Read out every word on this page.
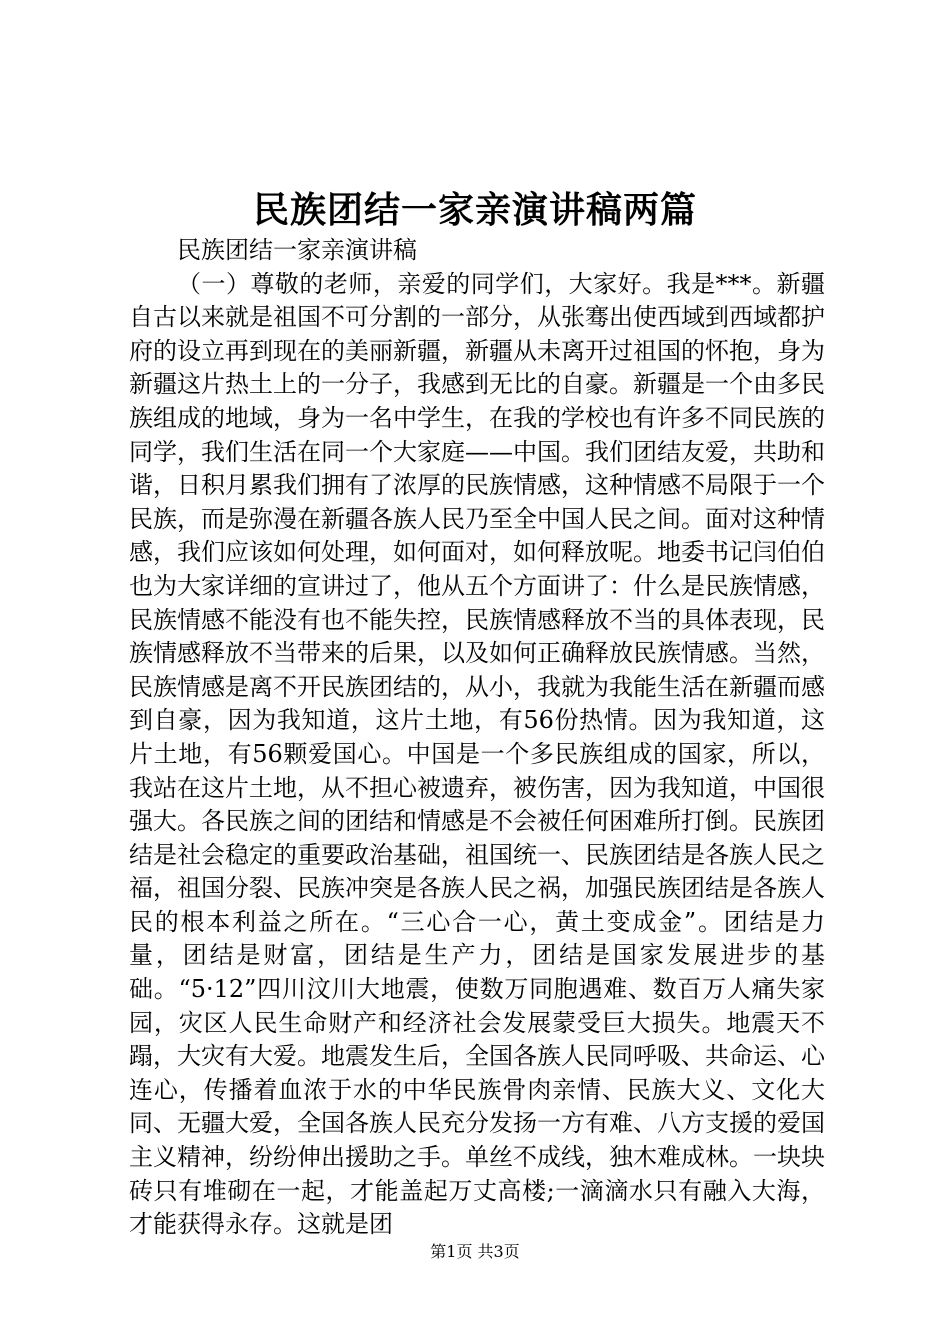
民族团结一家亲演讲稿两篇

民族团结一家亲演讲稿

（一）尊敬的老师，亲爱的同学们，大家好。我是***。新疆自古以来就是祖国不可分割的一部分，从张骞出使西域到西域都护府的设立再到现在的美丽新疆，新疆从未离开过祖国的怀抱，身为新疆这片热土上的一分子，我感到无比的自豪。新疆是一个由多民族组成的地域，身为一名中学生，在我的学校也有许多不同民族的同学，我们生活在同一个大家庭——中国。我们团结友爱，共助和谐，日积月累我们拥有了浓厚的民族情感，这种情感不局限于一个民族，而是弥漫在新疆各族人民乃至全中国人民之间。面对这种情感，我们应该如何处理，如何面对，如何释放呢。地委书记闫伯伯也为大家详细的宣讲过了，他从五个方面讲了：什么是民族情感，民族情感不能没有也不能失控，民族情感释放不当的具体表现，民族情感释放不当带来的后果，以及如何正确释放民族情感。当然，民族情感是离不开民族团结的，从小，我就为我能生活在新疆而感到自豪，因为我知道，这片土地，有56份热情。因为我知道，这片土地，有56颗爱国心。中国是一个多民族组成的国家，所以，我站在这片土地，从不担心被遗弃，被伤害，因为我知道，中国很强大。各民族之间的团结和情感是不会被任何困难所打倒。民族团结是社会稳定的重要政治基础，祖国统一、民族团结是各族人民之福，祖国分裂、民族冲突是各族人民之祸，加强民族团结是各族人民的根本利益之所在。“三心合一心，黄土变成金”。团结是力量，团结是财富，团结是生产力，团结是国家发展进步的基础。“5·12”四川汶川大地震，使数万同胞遇难、数百万人痛失家园，灾区人民生命财产和经济社会发展蒙受巨大损失。地震天不蹋，大灾有大爱。地震发生后，全国各族人民同呼吸、共命运、心连心，传播着血浓于水的中华民族骨肉亲情、民族大义、文化大同、无疆大爱，全国各族人民充分发扬一方有难、八方支援的爱国主义精神，纷纷伸出援助之手。单丝不成线，独木难成林。一块块砖只有堆砌在一起，才能盖起万丈高楼;一滴滴水只有融入大海，才能获得永存。这就是团

第1页 共3页
